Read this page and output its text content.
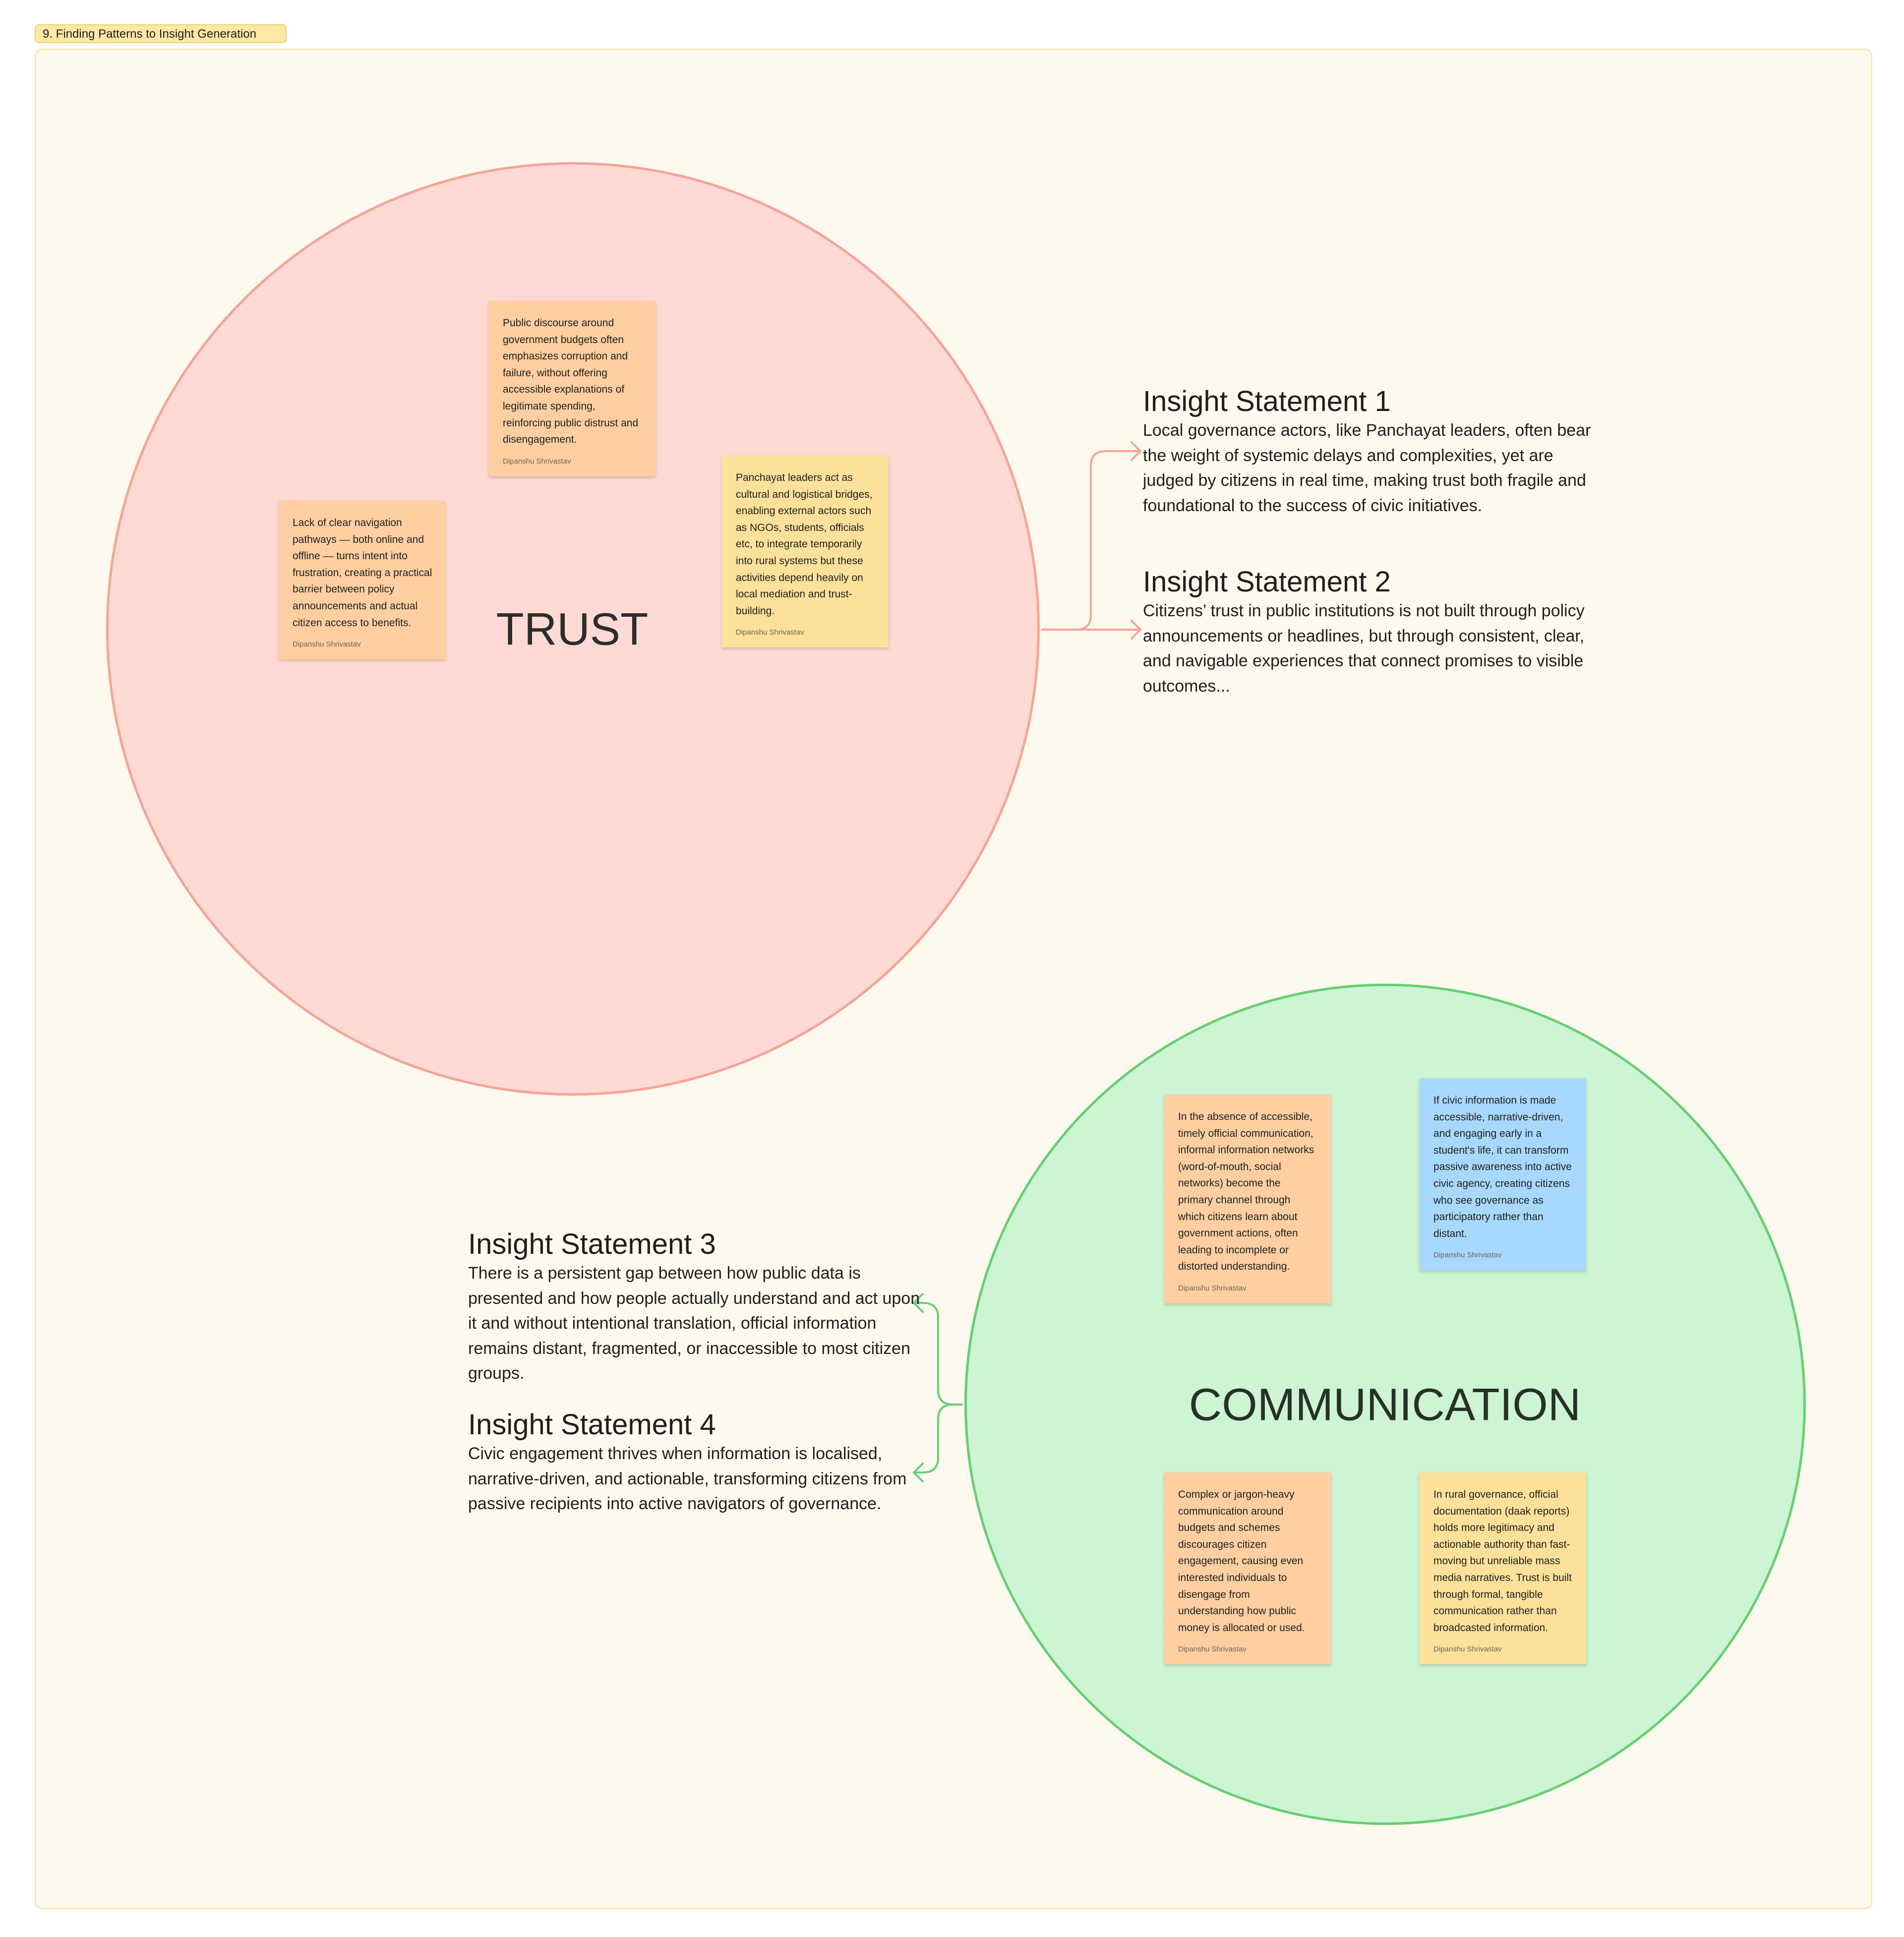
9. Finding Patterns to Insight Generation
TRUST
Public discourse around government budgets often emphasizes corruption and failure, without offering accessible explanations of legitimate spending, reinforcing public distrust and disengagement.
Dipanshu Shrivastav
Lack of clear navigation pathways — both online and offline — turns intent into frustration, creating a practical barrier between policy announcements and actual citizen access to benefits.
Dipanshu Shrivastav
Panchayat leaders act as cultural and logistical bridges, enabling external actors such as NGOs, students, officials etc, to integrate temporarily into rural systems but these activities depend heavily on local mediation and trust-building.
Dipanshu Shrivastav
COMMUNICATION
In the absence of accessible, timely official communication, informal information networks (word-of-mouth, social networks) become the primary channel through which citizens learn about government actions, often leading to incomplete or distorted understanding.
Dipanshu Shrivastav
If civic information is made accessible, narrative-driven, and engaging early in a student's life, it can transform passive awareness into active civic agency, creating citizens who see governance as participatory rather than distant.
Dipanshu Shrivastav
Complex or jargon-heavy communication around budgets and schemes discourages citizen engagement, causing even interested individuals to disengage from understanding how public money is allocated or used.
Dipanshu Shrivastav
In rural governance, official documentation (daak reports) holds more legitimacy and actionable authority than fast-moving but unreliable mass media narratives. Trust is built through formal, tangible communication rather than broadcasted information.
Dipanshu Shrivastav
Insight Statement 1
Local governance actors, like Panchayat leaders, often bear the weight of systemic delays and complexities, yet are judged by citizens in real time, making trust both fragile and foundational to the success of civic initiatives.
Insight Statement 2
Citizens’ trust in public institutions is not built through policy announcements or headlines, but through consistent, clear, and navigable experiences that connect promises to visible outcomes...
Insight Statement 3
There is a persistent gap between how public data is presented and how people actually understand and act upon it and without intentional translation, official information remains distant, fragmented, or inaccessible to most citizen groups.
Insight Statement 4
Civic engagement thrives when information is localised, narrative-driven, and actionable, transforming citizens from passive recipients into active navigators of governance.
